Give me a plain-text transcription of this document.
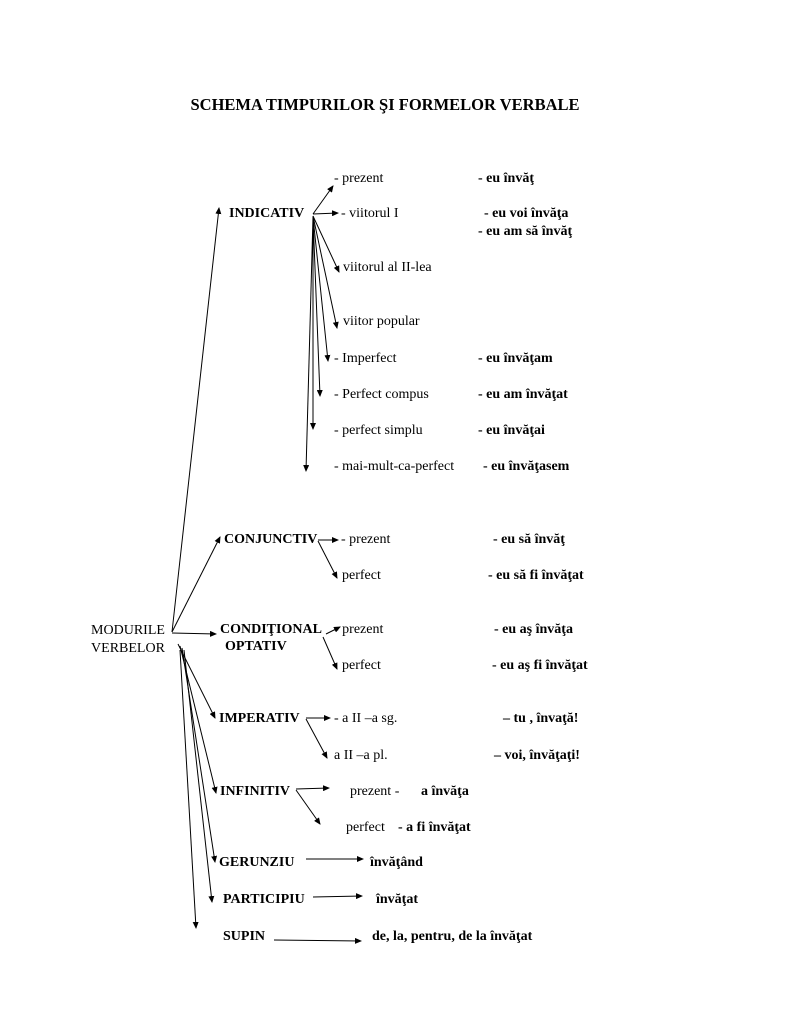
SCHEMA TIMPURILOR ŞI FORMELOR VERBALE
MODURILE
VERBELOR
INDICATIV
- prezent	- eu învăţ
- viitorul I	- eu voi învăţa
- eu am să învăţ
viitorul al II-lea
viitor popular
- Imperfect	- eu învăţam
- Perfect compus	- eu am învăţat
- perfect simplu	- eu învăţai
- mai-mult-ca-perfect - eu învăţasem
CONJUNCTIV - prezent	- eu să învăţ
perfect	- eu să fi învăţat
CONDIŢIONAL
OPTATIV
- prezent	- eu aş învăţa
perfect	- eu aş fi învăţat
IMPERATIV - a II –a sg.	– tu , învaţă!
a II –a pl.	– voi, învăţaţi!
INFINITIV	prezent - a învăţa
perfect - a fi învăţat
GERUNZIU	învăţând
PARTICIPIU	învăţat
SUPIN	de, la, pentru, de la învăţat
